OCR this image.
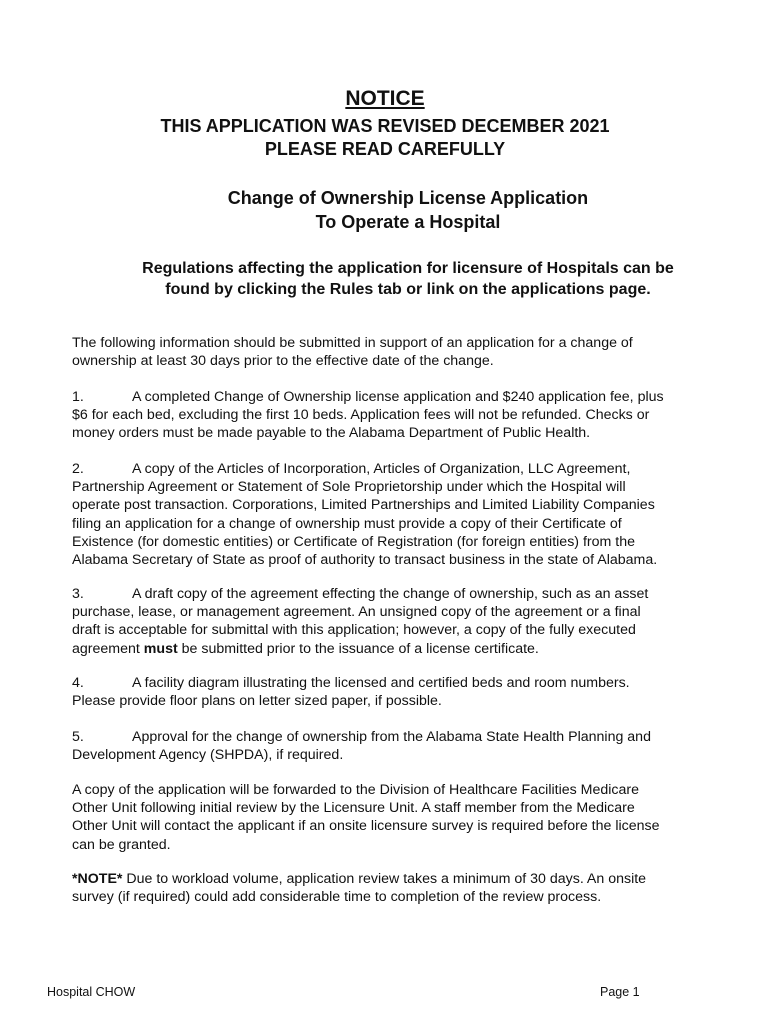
NOTICE
THIS APPLICATION WAS REVISED DECEMBER 2021
PLEASE READ CAREFULLY
Change of Ownership License Application
To Operate a Hospital
Regulations affecting the application for licensure of Hospitals can be
found by clicking the Rules tab or link on the applications page.
The following information should be submitted in support of an application for a change of
ownership at least 30 days prior to the effective date of the change.
1.	A completed Change of Ownership license application and $240 application fee, plus
$6 for each bed, excluding the first 10 beds. Application fees will not be refunded. Checks or
money orders must be made payable to the Alabama Department of Public Health.
2.	A copy of the Articles of Incorporation, Articles of Organization, LLC Agreement,
Partnership Agreement or Statement of Sole Proprietorship under which the Hospital will
operate post transaction. Corporations, Limited Partnerships and Limited Liability Companies
filing an application for a change of ownership must provide a copy of their Certificate of
Existence (for domestic entities) or Certificate of Registration (for foreign entities) from the
Alabama Secretary of State as proof of authority to transact business in the state of Alabama.
3.	A draft copy of the agreement effecting the change of ownership, such as an asset
purchase, lease, or management agreement. An unsigned copy of the agreement or a final
draft is acceptable for submittal with this application; however, a copy of the fully executed
agreement must be submitted prior to the issuance of a license certificate.
4.	A facility diagram illustrating the licensed and certified beds and room numbers.
Please provide floor plans on letter sized paper, if possible.
5.	Approval for the change of ownership from the Alabama State Health Planning and
Development Agency (SHPDA), if required.
A copy of the application will be forwarded to the Division of Healthcare Facilities Medicare
Other Unit following initial review by the Licensure Unit. A staff member from the Medicare
Other Unit will contact the applicant if an onsite licensure survey is required before the license
can be granted.
*NOTE* Due to workload volume, application review takes a minimum of 30 days. An onsite
survey (if required) could add considerable time to completion of the review process.
Hospital CHOW	Page 1
